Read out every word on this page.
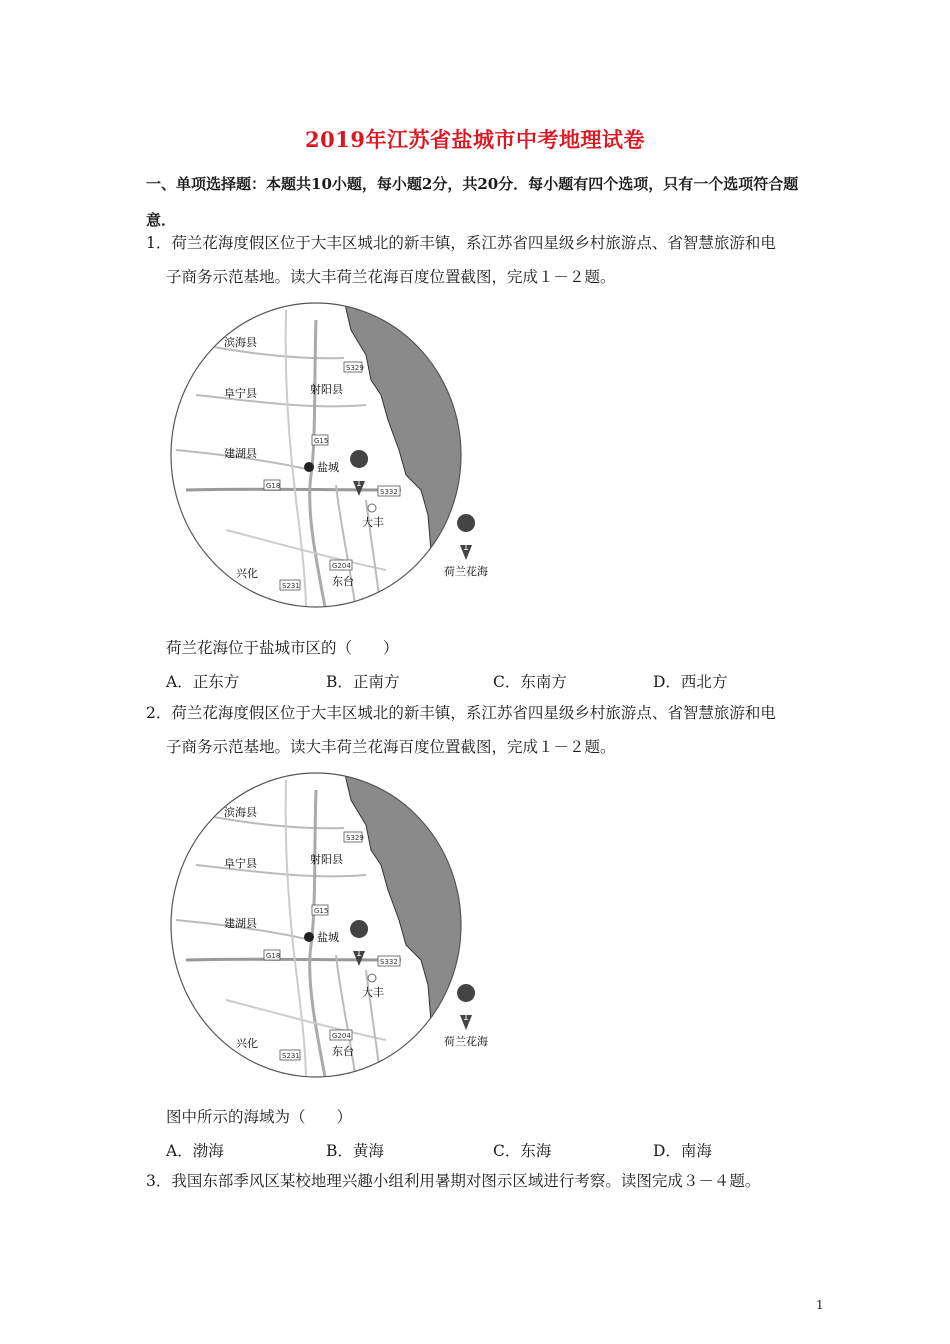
2019年江苏省盐城市中考地理试卷
一、单项选择题：本题共10小题，每小题2分，共20分．每小题有四个选项，只有一个选项符合题意．
1．荷兰花海度假区位于大丰区城北的新丰镇，系江苏省四星级乡村旅游点、省智慧旅游和电
子商务示范基地。读大丰荷兰花海百度位置截图，完成１－２题。
滨海县
阜宁县	射阳县
建湖县
盐城
大丰
兴化
东台
S329
G15
G18
S332
G204
S231
1
1
荷兰花海
荷兰花海位于盐城市区的（　　）
A．正东方	B．正南方	C．东南方	D．西北方
2．荷兰花海度假区位于大丰区城北的新丰镇，系江苏省四星级乡村旅游点、省智慧旅游和电
子商务示范基地。读大丰荷兰花海百度位置截图，完成１－２题。
滨海县
阜宁县	射阳县
建湖县
盐城
大丰
兴化
东台
S329
G15
G18
S332
G204
S231
1
1
荷兰花海
图中所示的海域为（　　）
A．渤海	B．黄海	C．东海	D．南海
3．我国东部季风区某校地理兴趣小组利用暑期对图示区域进行考察。读图完成３－４题。
1
